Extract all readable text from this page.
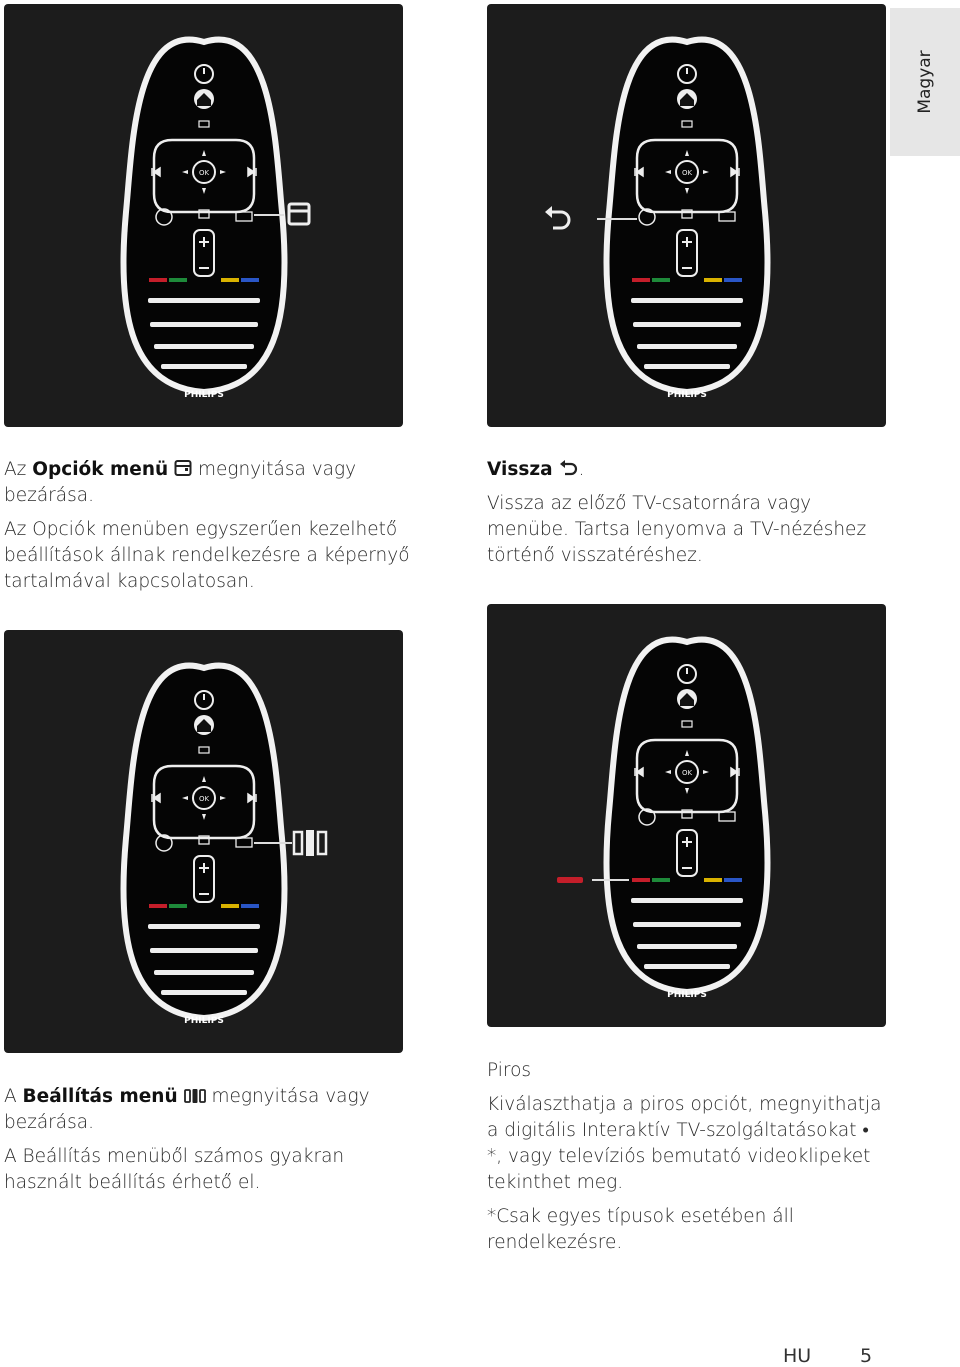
Magyar
OK
PHILIPS
OK
PHILIPS
OK
PHILIPS
OK
PHILIPS

Az Opciók menü megnyitása vagy

bezárása.

Az Opciók menüben egyszerűen kezelhető beállítások állnak rendelkezésre a képernyő tartalmával kapcsolatosan.

Vissza .

Vissza az előző TV-csatornára vagy menübe. Tartsa lenyomva a TV-nézéshez történő visszatéréshez.

A Beállítás menü megnyitása vagy

bezárása.

A Beállítás menüből számos gyakran használt beállítás érhető el.

Piros

Kiválaszthatja a piros opciót, megnyithatja a digitális Interaktív TV-szolgáltatásokat • *, vagy televíziós bemutató videoklipeket tekinthet meg.

*Csak egyes típusok esetében áll rendelkezésre.

HU	5
